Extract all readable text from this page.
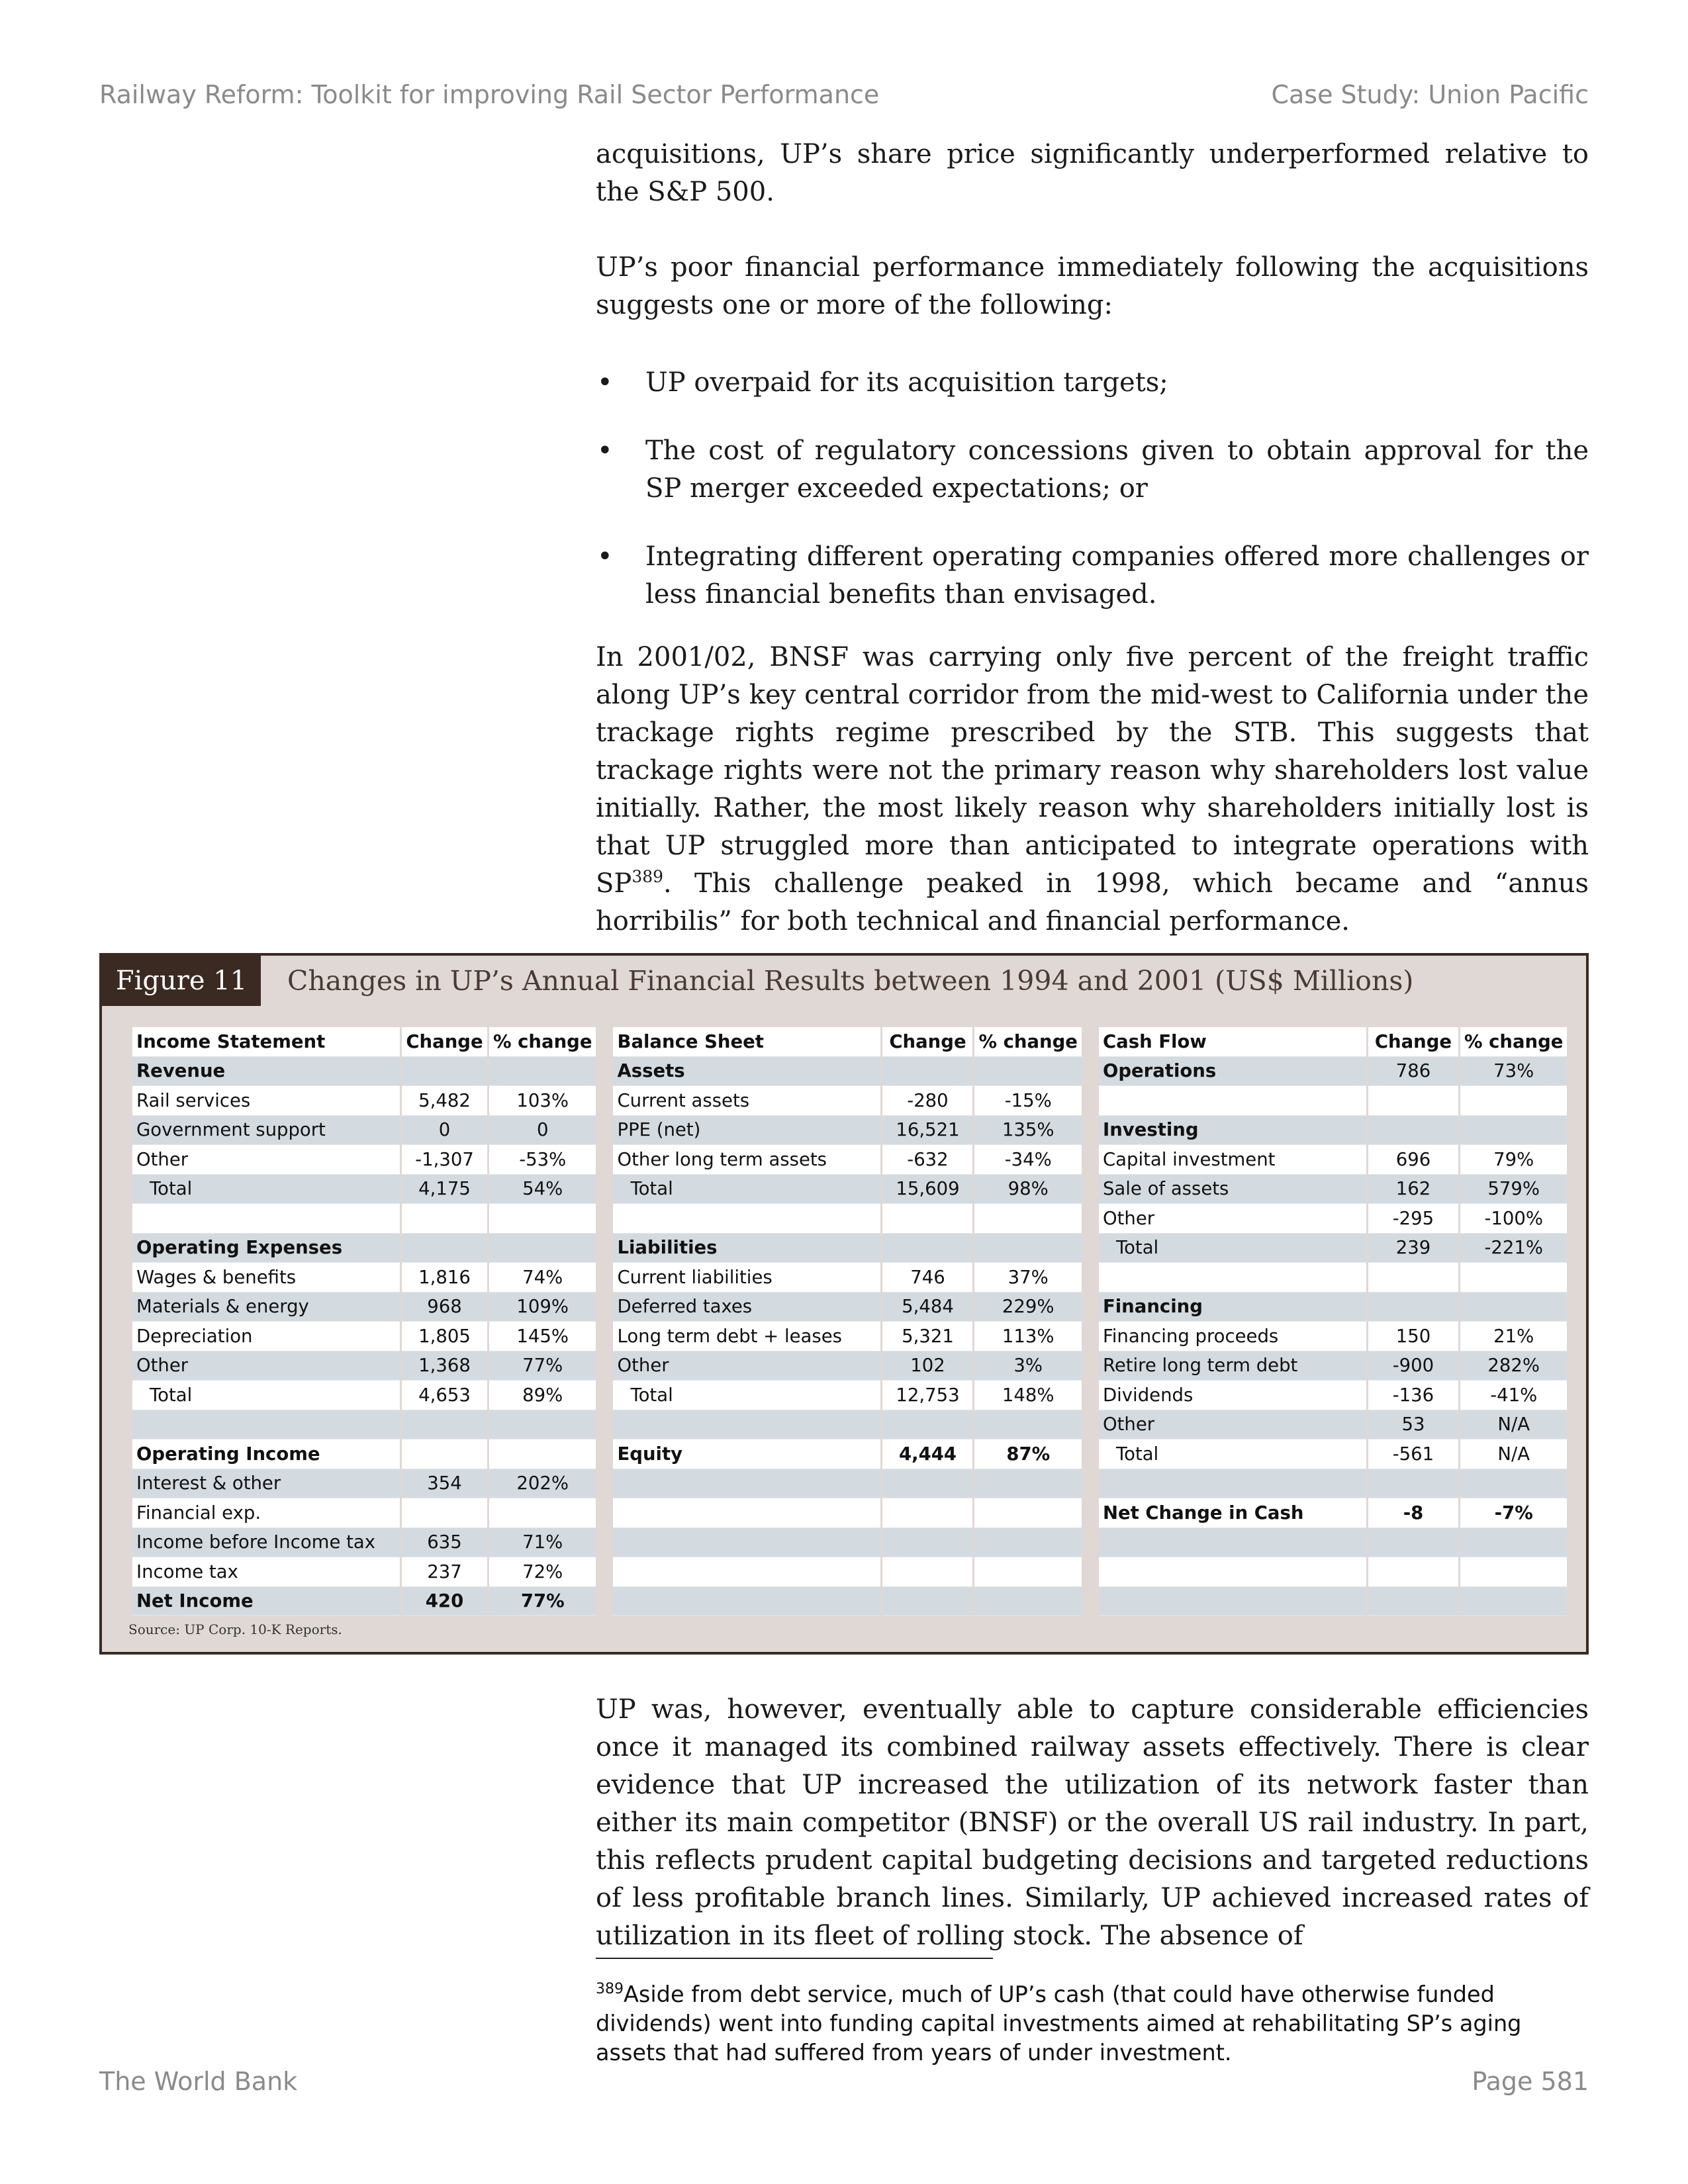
Railway Reform: Toolkit for improving Rail Sector Performance	Case Study: Union Pacific

acquisitions, UP’s share price significantly underperformed relative to the S&P 500.

UP’s poor financial performance immediately following the acquisitions suggests one or more of the following:

• UP overpaid for its acquisition targets;
• The cost of regulatory concessions given to obtain approval for the SP merger exceeded expectations; or
• Integrating different operating companies offered more challenges or less financial benefits than envisaged.

In 2001/02, BNSF was carrying only five percent of the freight traffic along UP’s key central corridor from the mid-west to California under the trackage rights regime prescribed by the STB. This suggests that trackage rights were not the primary reason why shareholders lost value initially. Rather, the most likely reason why shareholders initially lost is that UP struggled more than anticipated to integrate operations with SP$^{389}$. This challenge peaked in 1998, which became and “annus horribilis” for both technical and financial performance.

Figure 11	Changes in UP’s Annual Financial Results between 1994 and 2001 (US$ Millions)
Income Statement	Change	% change
Revenue		
Rail services	5,482	103%
Government support	0	0
Other	-1,307	-53%
Total	4,175	54%

Operating Expenses		
Wages & benefits	1,816	74%
Materials & energy	968	109%
Depreciation	1,805	145%
Other	1,368	77%
Total	4,653	89%

Operating Income		
Interest & other	354	202%
Financial exp.		
Income before Income tax	635	71%
Income tax	237	72%
Net Income	420	77%
Balance Sheet	Change	% change
Assets		
Current assets	-280	-15%
PPE (net)	16,521	135%
Other long term assets	-632	-34%
Total	15,609	98%

Liabilities		
Current liabilities	746	37%
Deferred taxes	5,484	229%
Long term debt + leases	5,321	113%
Other	102	3%
Total	12,753	148%

Equity	4,444	87%

Cash Flow	Change	% change
Operations	786	73%

Investing		
Capital investment	696	79%
Sale of assets	162	579%
Other	-295	-100%
Total	239	-221%

Financing		
Financing proceeds	150	21%
Retire long term debt	-900	282%
Dividends	-136	-41%
Other	53	N/A
Total	-561	N/A

Net Change in Cash	-8	-7%

Source: UP Corp. 10-K Reports.

UP was, however, eventually able to capture considerable efficiencies once it managed its combined railway assets effectively. There is clear evidence that UP increased the utilization of its network faster than either its main competitor (BNSF) or the overall US rail industry. In part, this reflects prudent capital budgeting decisions and targeted reductions of less profitable branch lines. Similarly, UP achieved increased rates of utilization in its fleet of rolling stock. The absence of

$^{389}$Aside from debt service, much of UP’s cash (that could have otherwise funded dividends) went into funding capital investments aimed at rehabilitating SP’s aging assets that had suffered from years of under investment.
The World Bank	Page 581
